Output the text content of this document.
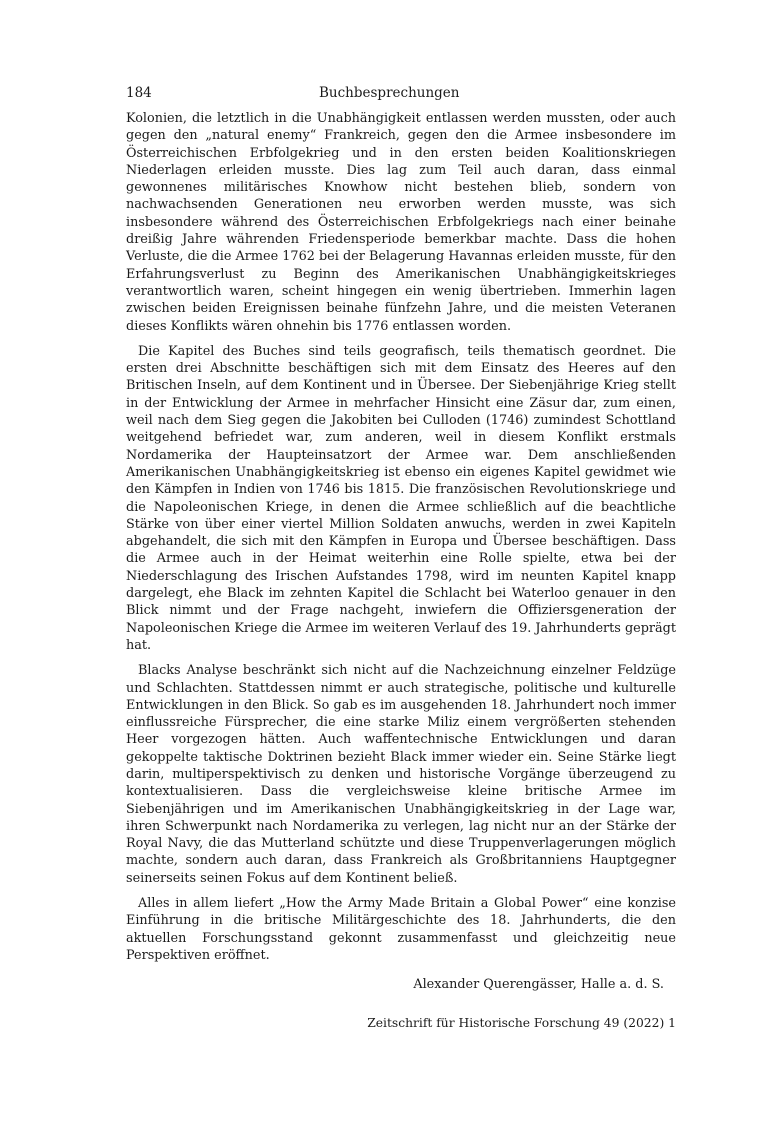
184	Buchbesprechungen

Kolonien, die letztlich in die Unabhängigkeit entlassen werden mussten, oder auch gegen den „natural enemy“ Frankreich, gegen den die Armee insbesondere im Österreichischen Erbfolgekrieg und in den ersten beiden Koalitionskriegen Niederlagen erleiden musste. Dies lag zum Teil auch daran, dass einmal gewonnenes militärisches Knowhow nicht bestehen blieb, sondern von nachwachsenden Generationen neu erworben werden musste, was sich insbesondere während des Österreichischen Erbfolgekriegs nach einer beinahe dreißig Jahre währenden Friedensperiode bemerkbar machte. Dass die hohen Verluste, die die Armee 1762 bei der Belagerung Havannas erleiden musste, für den Erfahrungsverlust zu Beginn des Amerikanischen Unabhängigkeitskrieges verantwortlich waren, scheint hingegen ein wenig übertrieben. Immerhin lagen zwischen beiden Ereignissen beinahe fünfzehn Jahre, und die meisten Veteranen dieses Konflikts wären ohnehin bis 1776 entlassen worden.

Die Kapitel des Buches sind teils geografisch, teils thematisch geordnet. Die ersten drei Abschnitte beschäftigen sich mit dem Einsatz des Heeres auf den Britischen Inseln, auf dem Kontinent und in Übersee. Der Siebenjährige Krieg stellt in der Entwicklung der Armee in mehrfacher Hinsicht eine Zäsur dar, zum einen, weil nach dem Sieg gegen die Jakobiten bei Culloden (1746) zumindest Schottland weitgehend befriedet war, zum anderen, weil in diesem Konflikt erstmals Nordamerika der Haupteinsatzort der Armee war. Dem anschließenden Amerikanischen Unabhängigkeitskrieg ist ebenso ein eigenes Kapitel gewidmet wie den Kämpfen in Indien von 1746 bis 1815. Die französischen Revolutionskriege und die Napoleonischen Kriege, in denen die Armee schließlich auf die beachtliche Stärke von über einer viertel Million Soldaten anwuchs, werden in zwei Kapiteln abgehandelt, die sich mit den Kämpfen in Europa und Übersee beschäftigen. Dass die Armee auch in der Heimat weiterhin eine Rolle spielte, etwa bei der Niederschlagung des Irischen Aufstandes 1798, wird im neunten Kapitel knapp dargelegt, ehe Black im zehnten Kapitel die Schlacht bei Waterloo genauer in den Blick nimmt und der Frage nachgeht, inwiefern die Offiziersgeneration der Napoleonischen Kriege die Armee im weiteren Verlauf des 19. Jahrhunderts geprägt hat.

Blacks Analyse beschränkt sich nicht auf die Nachzeichnung einzelner Feldzüge und Schlachten. Stattdessen nimmt er auch strategische, politische und kulturelle Entwicklungen in den Blick. So gab es im ausgehenden 18. Jahrhundert noch immer einflussreiche Fürsprecher, die eine starke Miliz einem vergrößerten stehenden Heer vorgezogen hätten. Auch waffentechnische Entwicklungen und daran gekoppelte taktische Doktrinen bezieht Black immer wieder ein. Seine Stärke liegt darin, multiperspektivisch zu denken und historische Vorgänge überzeugend zu kontextualisieren. Dass die vergleichsweise kleine britische Armee im Siebenjährigen und im Amerikanischen Unabhängigkeitskrieg in der Lage war, ihren Schwerpunkt nach Nordamerika zu verlegen, lag nicht nur an der Stärke der Royal Navy, die das Mutterland schützte und diese Truppenverlagerungen möglich machte, sondern auch daran, dass Frankreich als Großbritanniens Hauptgegner seinerseits seinen Fokus auf dem Kontinent beließ.

Alles in allem liefert „How the Army Made Britain a Global Power“ eine konzise Einführung in die britische Militärgeschichte des 18. Jahrhunderts, die den aktuellen Forschungsstand gekonnt zusammenfasst und gleichzeitig neue Perspektiven eröffnet.

Alexander Querengässer, Halle a. d. S.
Zeitschrift für Historische Forschung 49 (2022) 1
